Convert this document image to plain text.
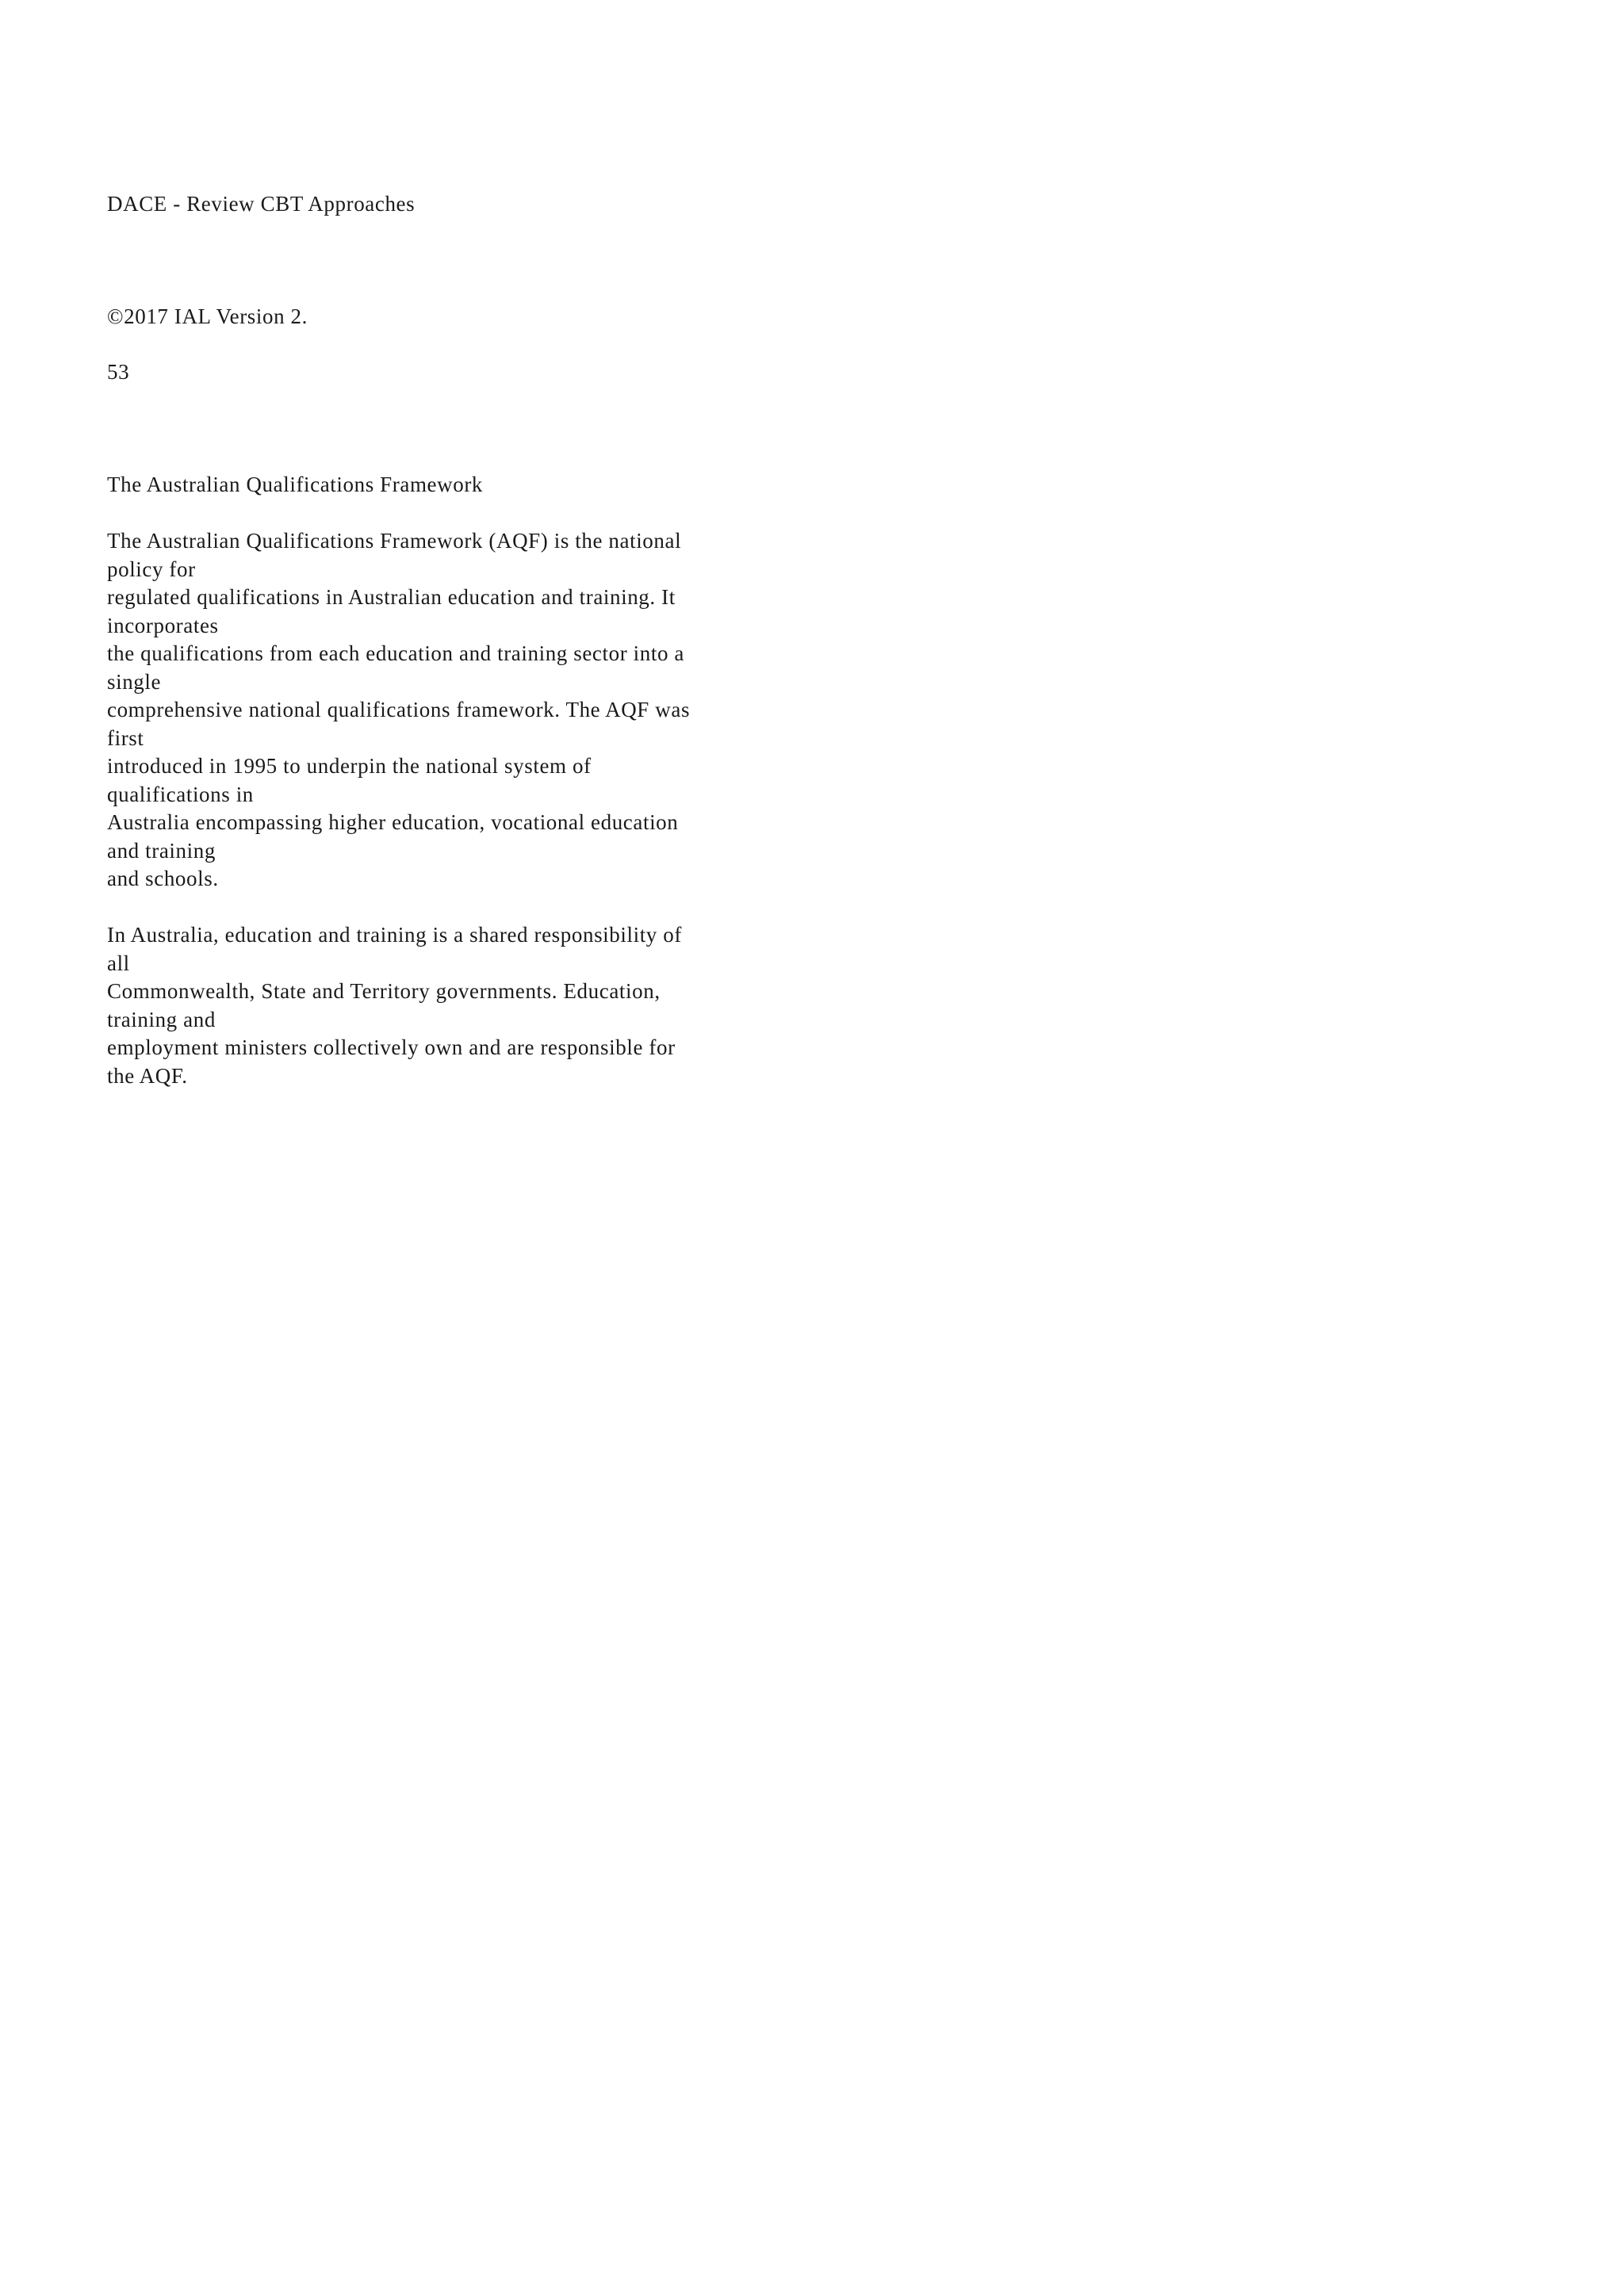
DACE - Review CBT Approaches
©2017 IAL Version 2.
53
The Australian Qualifications Framework
The Australian Qualifications Framework (AQF) is the national
policy for
regulated qualifications in Australian education and training. It
incorporates
the qualifications from each education and training sector into a
single
comprehensive national qualifications framework. The AQF was
first
introduced in 1995 to underpin the national system of
qualifications in
Australia encompassing higher education, vocational education
and training
and schools.
In Australia, education and training is a shared responsibility of
all
Commonwealth, State and Territory governments. Education,
training and
employment ministers collectively own and are responsible for
the AQF.
